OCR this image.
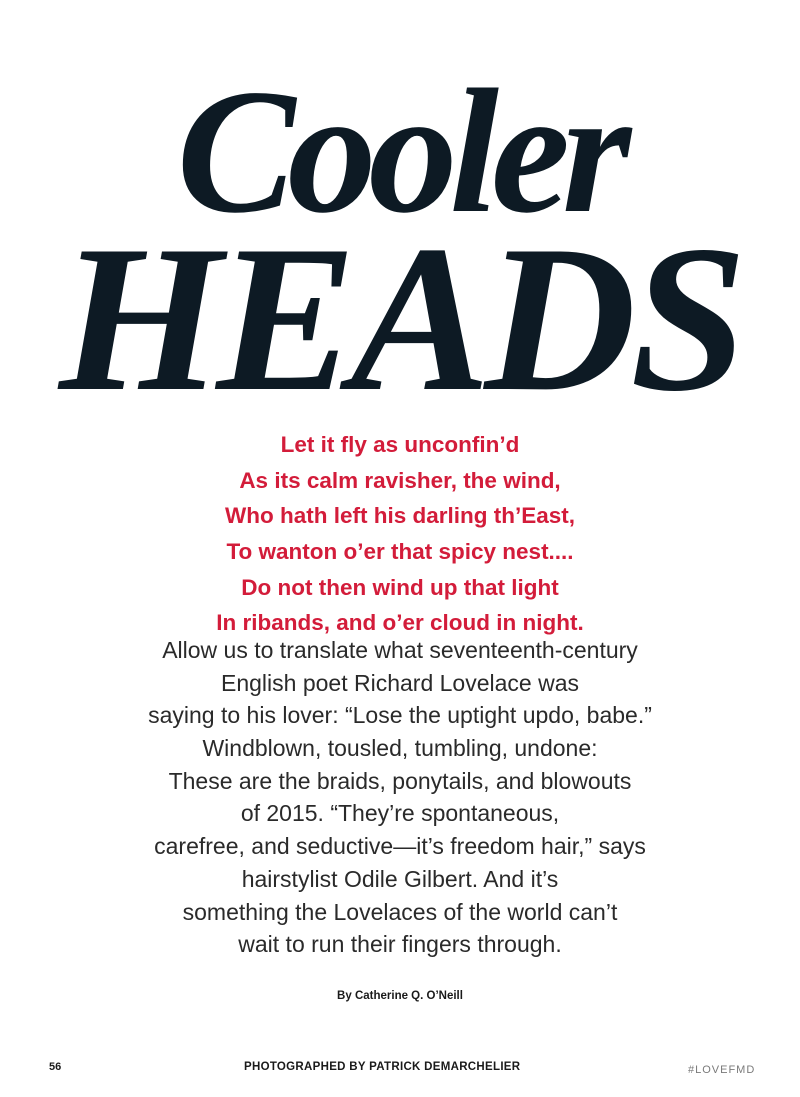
Cooler
HEADS
Let it fly as unconfin’d
As its calm ravisher, the wind,
Who hath left his darling th’East,
To wanton o’er that spicy nest....
Do not then wind up that light
In ribands, and o’er cloud in night.
Allow us to translate what seventeenth-century
English poet Richard Lovelace was
saying to his lover: “Lose the uptight updo, babe.”
Windblown, tousled, tumbling, undone:
These are the braids, ponytails, and blowouts
of 2015. “They’re spontaneous,
carefree, and seductive—it’s freedom hair,” says
hairstylist Odile Gilbert. And it’s
something the Lovelaces of the world can’t
wait to run their fingers through.
By Catherine Q. O’Neill
56	PHOTOGRAPHED BY PATRICK DEMARCHELIER	#LOVEFMD
